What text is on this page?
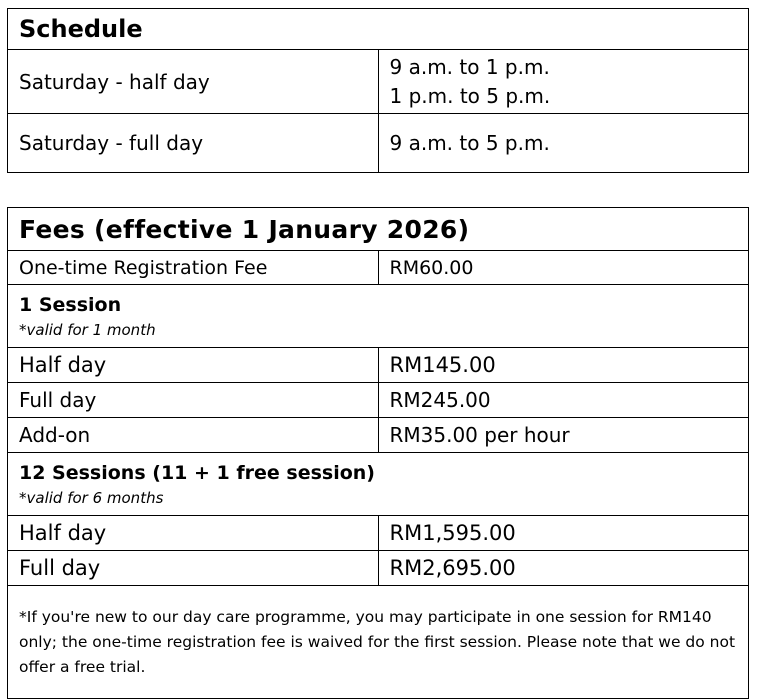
Schedule	
Saturday - half day	9 a.m. to 1 p.m.
1 p.m. to 5 p.m.

Saturday - full day	9 a.m. to 5 p.m.
Fees (effective 1 January 2026)	
One-time Registration Fee	RM60.00

1 Session
*valid for 1 month	

Half day	RM145.00
Full day	RM245.00
Add-on	RM35.00 per hour

12 Sessions (11 + 1 free session)
*valid for 6 months	

Half day	RM1,595.00
Full day	RM2,695.00
*If you're new to our day care programme, you may participate in one session for RM140 only; the one-time registration fee is waived for the first session. Please note that we do not offer a free trial.	
